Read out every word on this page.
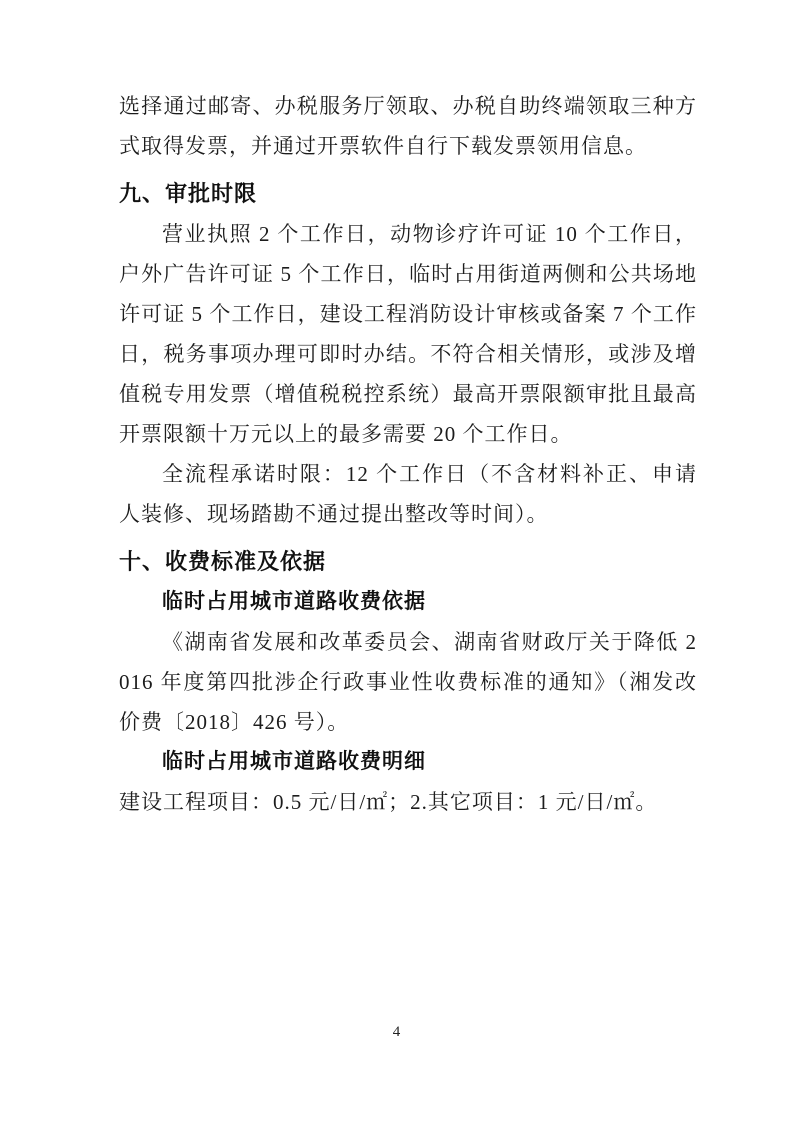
选择通过邮寄、办税服务厅领取、办税自助终端领取三种方式取得发票，并通过开票软件自行下载发票领用信息。

九、审批时限

营业执照 2 个工作日，动物诊疗许可证 10 个工作日，户外广告许可证 5 个工作日，临时占用街道两侧和公共场地许可证 5 个工作日，建设工程消防设计审核或备案 7 个工作日，税务事项办理可即时办结。不符合相关情形，或涉及增值税专用发票（增值税税控系统）最高开票限额审批且最高开票限额十万元以上的最多需要 20 个工作日。

全流程承诺时限：12 个工作日（不含材料补正、申请人装修、现场踏勘不通过提出整改等时间）。

十、收费标准及依据

临时占用城市道路收费依据

《湖南省发展和改革委员会、湖南省财政厅关于降低 2016 年度第四批涉企行政事业性收费标准的通知》（湘发改价费〔2018〕426 号）。

临时占用城市道路收费明细

建设工程项目：0.5 元/日/㎡；2.其它项目：1 元/日/㎡。

4
